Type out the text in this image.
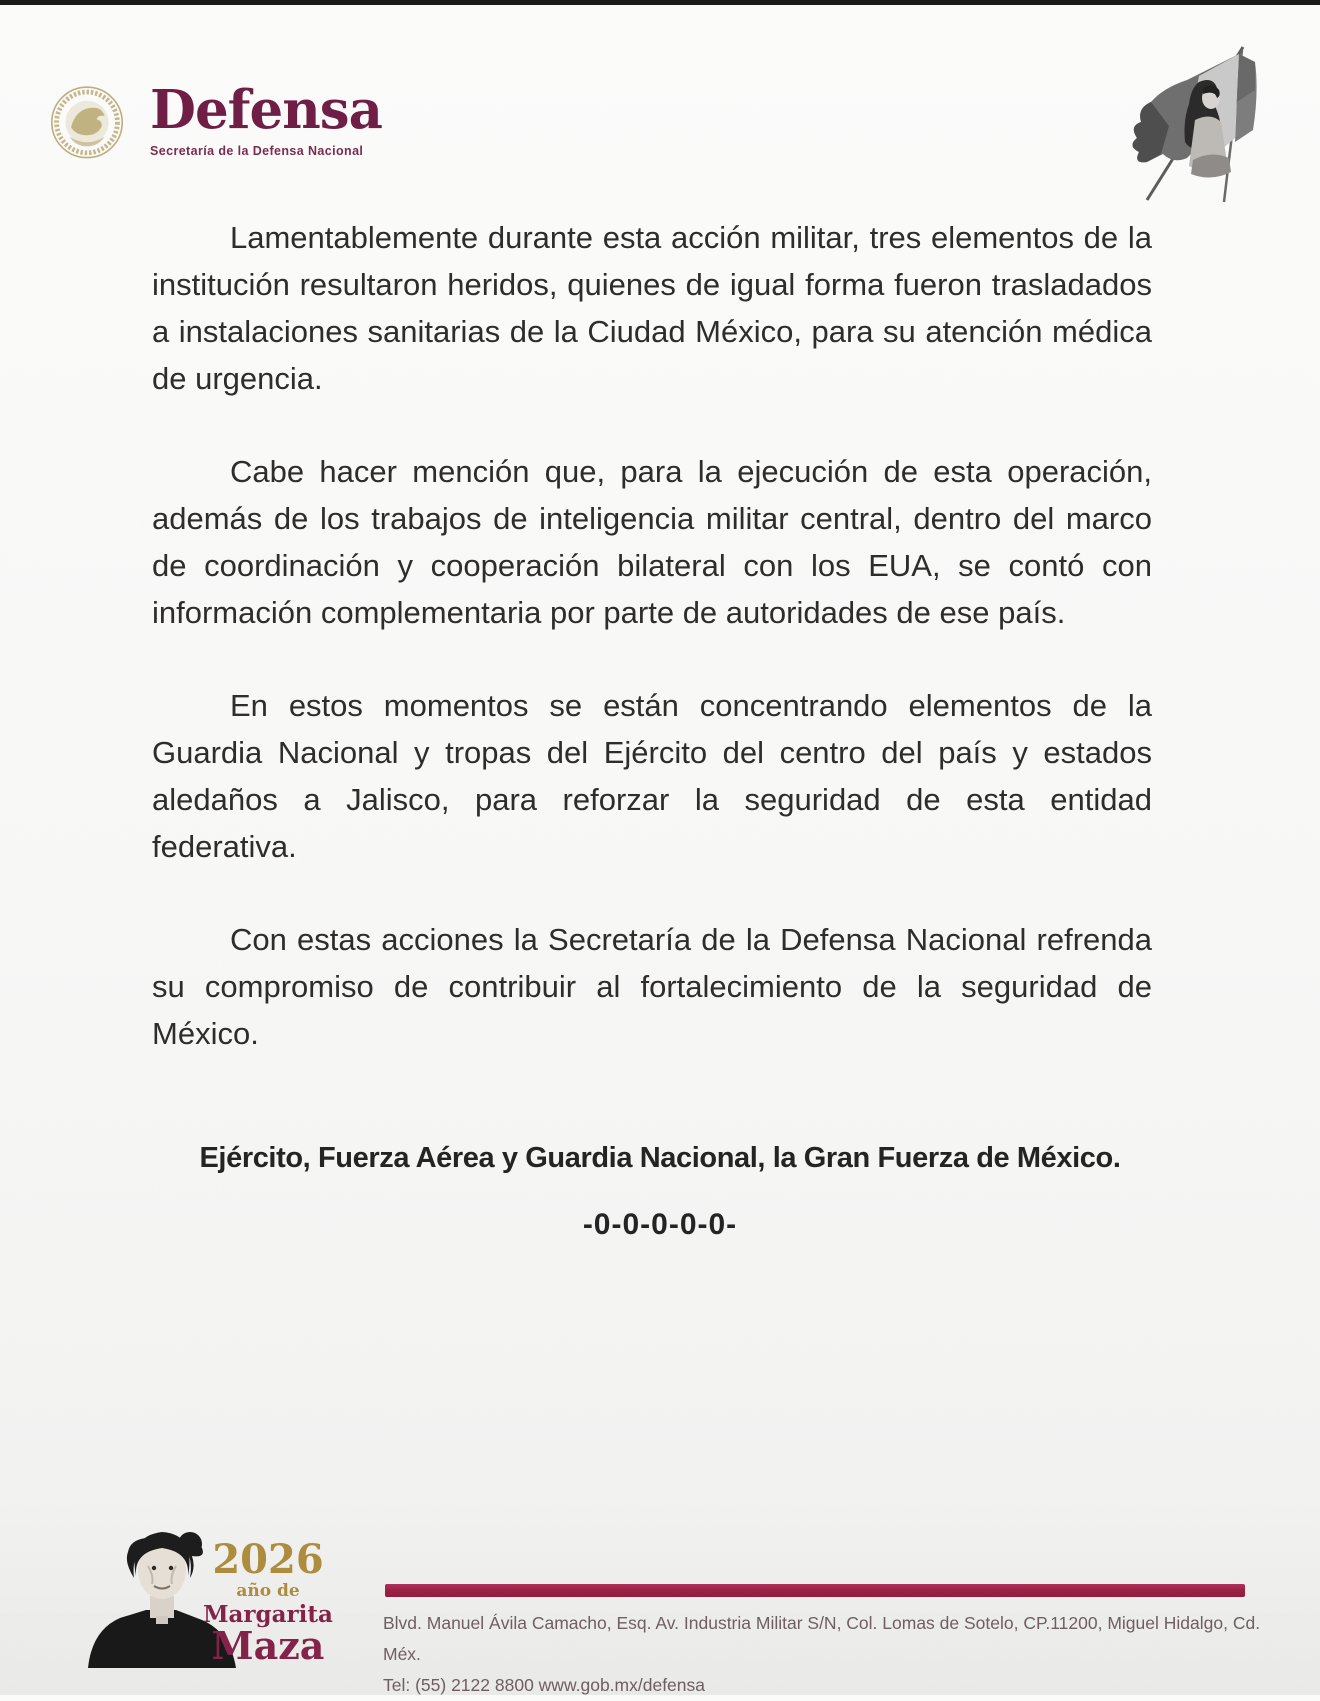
Defensa
Secretaría de la Defensa Nacional

Lamentablemente durante esta acción militar, tres elementos de la institución resultaron heridos, quienes de igual forma fueron trasladados a instalaciones sanitarias de la Ciudad México, para su atención médica de urgencia.

Cabe hacer mención que, para la ejecución de esta operación, además de los trabajos de inteligencia militar central, dentro del marco de coordinación y cooperación bilateral con los EUA, se contó con información complementaria por parte de autoridades de ese país.

En estos momentos se están concentrando elementos de la Guardia Nacional y tropas del Ejército del centro del país y estados aledaños a Jalisco, para reforzar la seguridad de esta entidad federativa.

Con estas acciones la Secretaría de la Defensa Nacional refrenda su compromiso de contribuir al fortalecimiento de la seguridad de México.

Ejército, Fuerza Aérea y Guardia Nacional, la Gran Fuerza de México.
-0-0-0-0-0-
2026
año de
Margarita
Maza	Blvd. Manuel Ávila Camacho, Esq. Av. Industria Militar S/N, Col. Lomas de Sotelo, CP.11200, Miguel Hidalgo, Cd. Méx.
Tel: (55) 2122 8800 www.gob.mx/defensa
